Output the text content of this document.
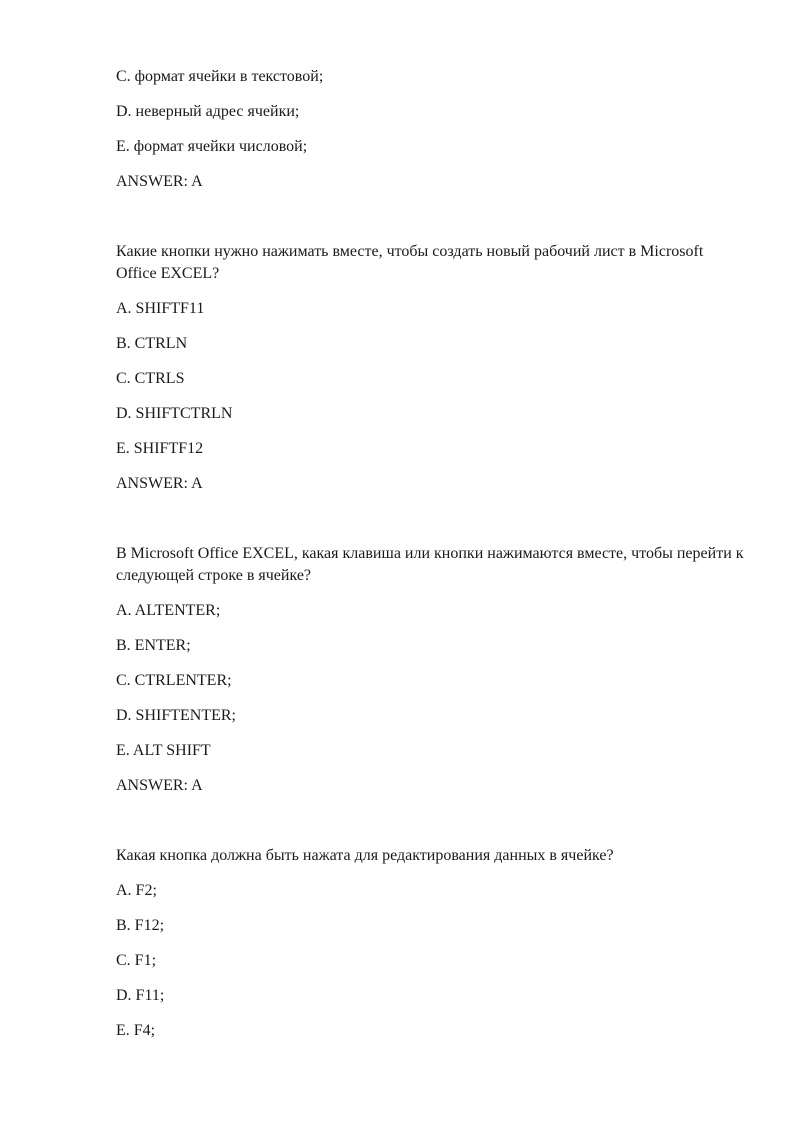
C. формат ячейки в текстовой;

D. неверный адрес ячейки;

E. формат ячейки числовой;

ANSWER: A

Какие кнопки нужно нажимать вместе, чтобы создать новый рабочий лист в Microsoft Office EXCEL?

A. SHIFTF11

B. CTRLN

C. CTRLS

D. SHIFTCTRLN

E. SHIFTF12

ANSWER: A

В Microsoft Office EXCEL, какая клавиша или кнопки нажимаются вместе, чтобы перейти к следующей строке в ячейке?

A. ALTENTER;

B. ENTER;

C. CTRLENTER;

D. SHIFTENTER;

E. ALT SHIFT

ANSWER: A

Какая кнопка должна быть нажата для редактирования данных в ячейке?

A. F2;

B. F12;

C. F1;

D. F11;

E. F4;
